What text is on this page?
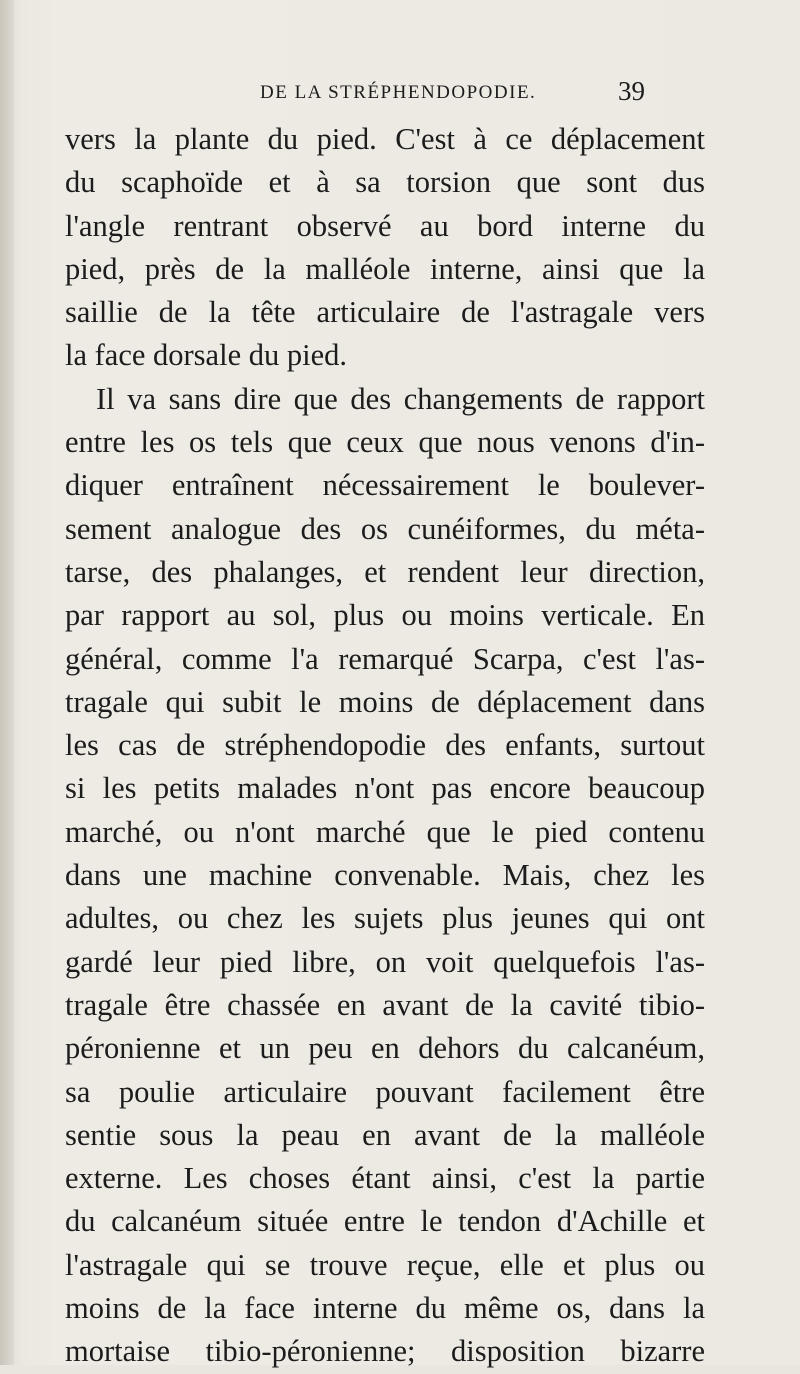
DE LA STRÉPHENDOPODIE.	39
vers la plante du pied. C'est à ce déplacement
du scaphoïde et à sa torsion que sont dus
l'angle rentrant observé au bord interne du
pied, près de la malléole interne, ainsi que la
saillie de la tête articulaire de l'astragale vers
la face dorsale du pied.
Il va sans dire que des changements de rapport
entre les os tels que ceux que nous venons d'in-
diquer entraînent nécessairement le boulever-
sement analogue des os cunéiformes, du méta-
tarse, des phalanges, et rendent leur direction,
par rapport au sol, plus ou moins verticale. En
général, comme l'a remarqué Scarpa, c'est l'as-
tragale qui subit le moins de déplacement dans
les cas de stréphendopodie des enfants, surtout
si les petits malades n'ont pas encore beaucoup
marché, ou n'ont marché que le pied contenu
dans une machine convenable. Mais, chez les
adultes, ou chez les sujets plus jeunes qui ont
gardé leur pied libre, on voit quelquefois l'as-
tragale être chassée en avant de la cavité tibio-
péronienne et un peu en dehors du calcanéum,
sa poulie articulaire pouvant facilement être
sentie sous la peau en avant de la malléole
externe. Les choses étant ainsi, c'est la partie
du calcanéum située entre le tendon d'Achille et
l'astragale qui se trouve reçue, elle et plus ou
moins de la face interne du même os, dans la
mortaise tibio-péronienne; disposition bizarre
